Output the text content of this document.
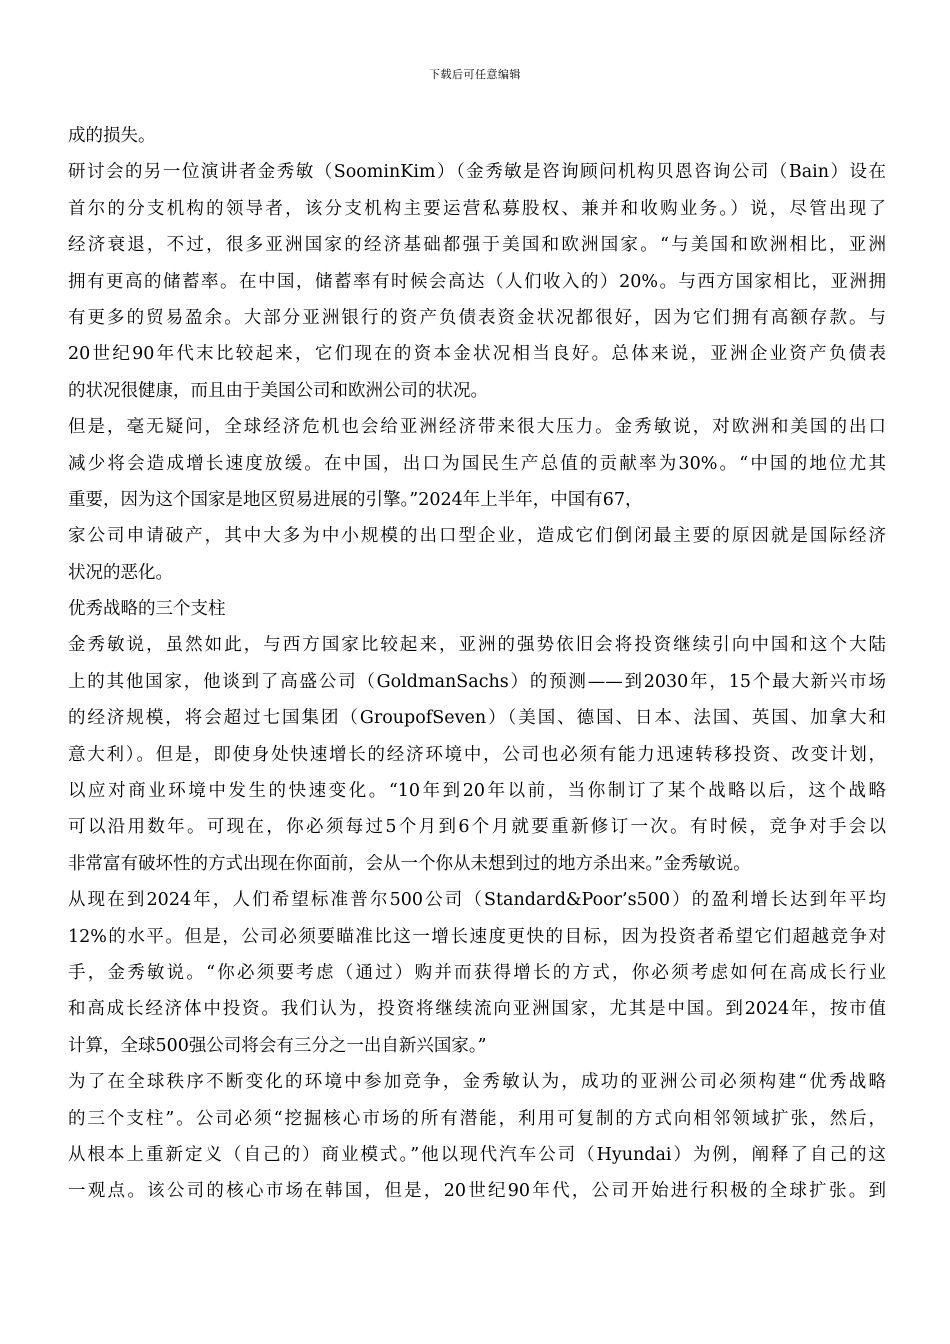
下载后可任意编辑
成的损失。
研讨会的另一位演讲者金秀敏（SoominKim）（金秀敏是咨询顾问机构贝恩咨询公司（Bain）设在
首尔的分支机构的领导者，该分支机构主要运营私募股权、兼并和收购业务。）说，尽管出现了
经济衰退，不过，很多亚洲国家的经济基础都强于美国和欧洲国家。“与美国和欧洲相比，亚洲
拥有更高的储蓄率。在中国，储蓄率有时候会高达（人们收入的）20%。与西方国家相比，亚洲拥
有更多的贸易盈余。大部分亚洲银行的资产负债表资金状况都很好，因为它们拥有高额存款。与
20世纪90年代末比较起来，它们现在的资本金状况相当良好。总体来说，亚洲企业资产负债表
的状况很健康，而且由于美国公司和欧洲公司的状况。
但是，毫无疑问，全球经济危机也会给亚洲经济带来很大压力。金秀敏说，对欧洲和美国的出口
减少将会造成增长速度放缓。在中国，出口为国民生产总值的贡献率为30%。“中国的地位尤其
重要，因为这个国家是地区贸易进展的引擎。”2024年上半年，中国有67，
家公司申请破产，其中大多为中小规模的出口型企业，造成它们倒闭最主要的原因就是国际经济
状况的恶化。
优秀战略的三个支柱
金秀敏说，虽然如此，与西方国家比较起来，亚洲的强势依旧会将投资继续引向中国和这个大陆
上的其他国家，他谈到了高盛公司（GoldmanSachs）的预测——到2030年，15个最大新兴市场
的经济规模，将会超过七国集团（GroupofSeven）（美国、德国、日本、法国、英国、加拿大和
意大利）。但是，即使身处快速增长的经济环境中，公司也必须有能力迅速转移投资、改变计划，
以应对商业环境中发生的快速变化。“10年到20年以前，当你制订了某个战略以后，这个战略
可以沿用数年。可现在，你必须每过5个月到6个月就要重新修订一次。有时候，竞争对手会以
非常富有破坏性的方式出现在你面前，会从一个你从未想到过的地方杀出来。”金秀敏说。
从现在到2024年，人们希望标准普尔500公司（Standard&Poor’s500）的盈利增长达到年平均
12%的水平。但是，公司必须要瞄准比这一增长速度更快的目标，因为投资者希望它们超越竞争对
手，金秀敏说。“你必须要考虑（通过）购并而获得增长的方式，你必须考虑如何在高成长行业
和高成长经济体中投资。我们认为，投资将继续流向亚洲国家，尤其是中国。到2024年，按市值
计算，全球500强公司将会有三分之一出自新兴国家。”
为了在全球秩序不断变化的环境中参加竞争，金秀敏认为，成功的亚洲公司必须构建“优秀战略
的三个支柱”。公司必须“挖掘核心市场的所有潜能，利用可复制的方式向相邻领域扩张，然后，
从根本上重新定义（自己的）商业模式。”他以现代汽车公司（Hyundai）为例，阐释了自己的这
一观点。该公司的核心市场在韩国，但是，20世纪90年代，公司开始进行积极的全球扩张。到
